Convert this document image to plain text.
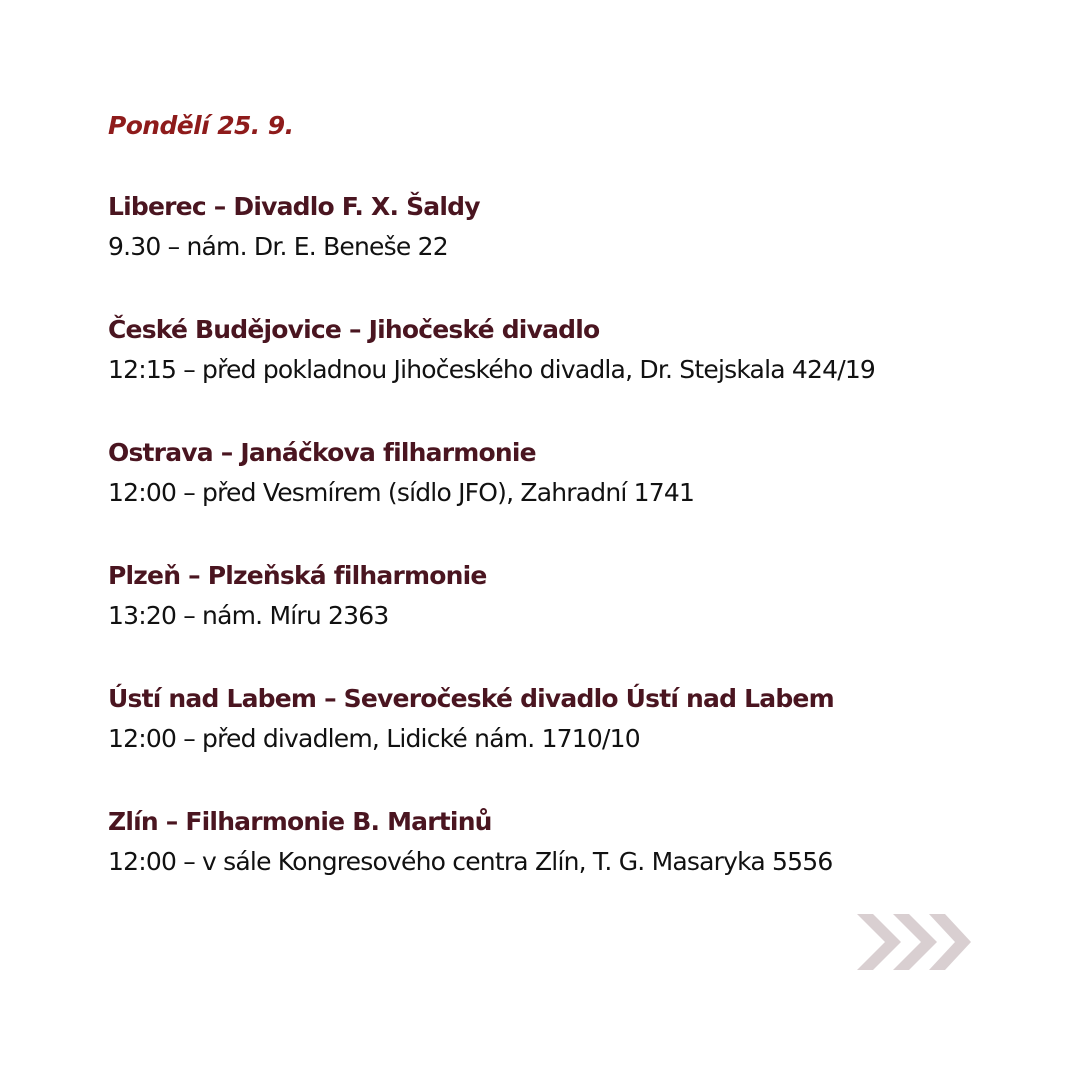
Pondělí 25. 9.

Liberec – Divadlo F. X. Šaldy

9.30 – nám. Dr. E. Beneše 22

České Budějovice – Jihočeské divadlo

12:15 – před pokladnou Jihočeského divadla, Dr. Stejskala 424/19

Ostrava – Janáčkova filharmonie

12:00 – před Vesmírem (sídlo JFO), Zahradní 1741

Plzeň – Plzeňská filharmonie

13:20 – nám. Míru 2363

Ústí nad Labem – Severočeské divadlo Ústí nad Labem

12:00 – před divadlem, Lidické nám. 1710/10

Zlín – Filharmonie B. Martinů

12:00 – v sále Kongresového centra Zlín, T. G. Masaryka 5556
